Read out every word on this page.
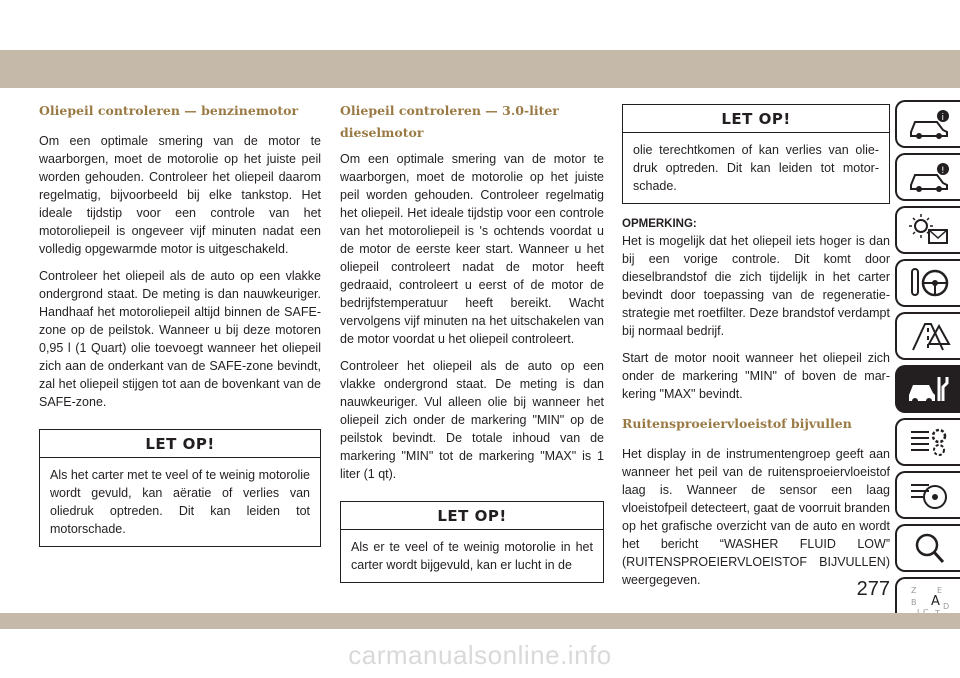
Oliepeil controleren — benzinemotor

Om een optimale smering van de motor te waarborgen, moet de motorolie op het juiste peil worden gehouden. Controleer het oliepeil daarom regelmatig, bijvoorbeeld bij elke tankstop. Het ideale tijdstip voor een controle van het motoroliepeil is ongeveer vijf minuten nadat een volledig opgewarmde motor is uitgeschakeld.

Controleer het oliepeil als de auto op een vlakke ondergrond staat. De meting is dan nauwkeuriger. Handhaaf het motoroliepeil altijd binnen de SAFE-zone op de peilstok. Wanneer u bij deze motoren 0,95 l (1 Quart) olie toevoegt wanneer het oliepeil zich aan de onderkant van de SAFE-zone bevindt, zal het oliepeil stijgen tot aan de bovenkant van de SAFE-zone.

LET OP!
Als het carter met te veel of te weinig motorolie wordt gevuld, kan aëratie of verlies van oliedruk optreden. Dit kan leiden tot motorschade.
Oliepeil controleren — 3.0-liter dieselmotor

Om een optimale smering van de motor te waarborgen, moet de motorolie op het juiste peil worden gehouden. Controleer regelmatig het oliepeil. Het ideale tijdstip voor een controle van het motoroliepeil is 's ochtends voordat u de motor de eerste keer start. Wanneer u het oliepeil controleert nadat de motor heeft gedraaid, controleert u eerst of de motor de bedrijfstemperatuur heeft bereikt. Wacht vervolgens vijf minuten na het uitschakelen van de motor voordat u het oliepeil controleert.

Controleer het oliepeil als de auto op een vlakke ondergrond staat. De meting is dan nauwkeuriger. Vul alleen olie bij wanneer het oliepeil zich onder de markering "MIN" op de peilstok bevindt. De totale inhoud van de markering "MIN" tot de markering "MAX" is 1 liter (1 qt).

LET OP!
Als er te veel of te weinig motorolie in het carter wordt bijgevuld, kan er lucht in de
LET OP!
olie terechtkomen of kan verlies van oliedruk optreden. Dit kan leiden tot motorschade.
OPMERKING:

Het is mogelijk dat het oliepeil iets hoger is dan bij een vorige controle. Dit komt door dieselbrandstof die zich tijdelijk in het carter bevindt door toepassing van de regeneratiestrategie met roetfilter. Deze brandstof verdampt bij normaal bedrijf.

Start de motor nooit wanneer het oliepeil zich onder de markering "MIN" of boven de markering "MAX" bevindt.

Ruitensproeiervloeistof bijvullen

Het display in de instrumentengroep geeft aan wanneer het peil van de ruitensproeiervloeistof laag is. Wanneer de sensor een laag vloeistofpeil detecteert, gaat de voorruit branden op het grafische overzicht van de auto en wordt het bericht “WASHER FLUID LOW” (RUITENSPROEIERVLOEISTOF BIJVULLEN) weergegeven.

i
!
Z	E
B A D
277
carmanualsonline.info
